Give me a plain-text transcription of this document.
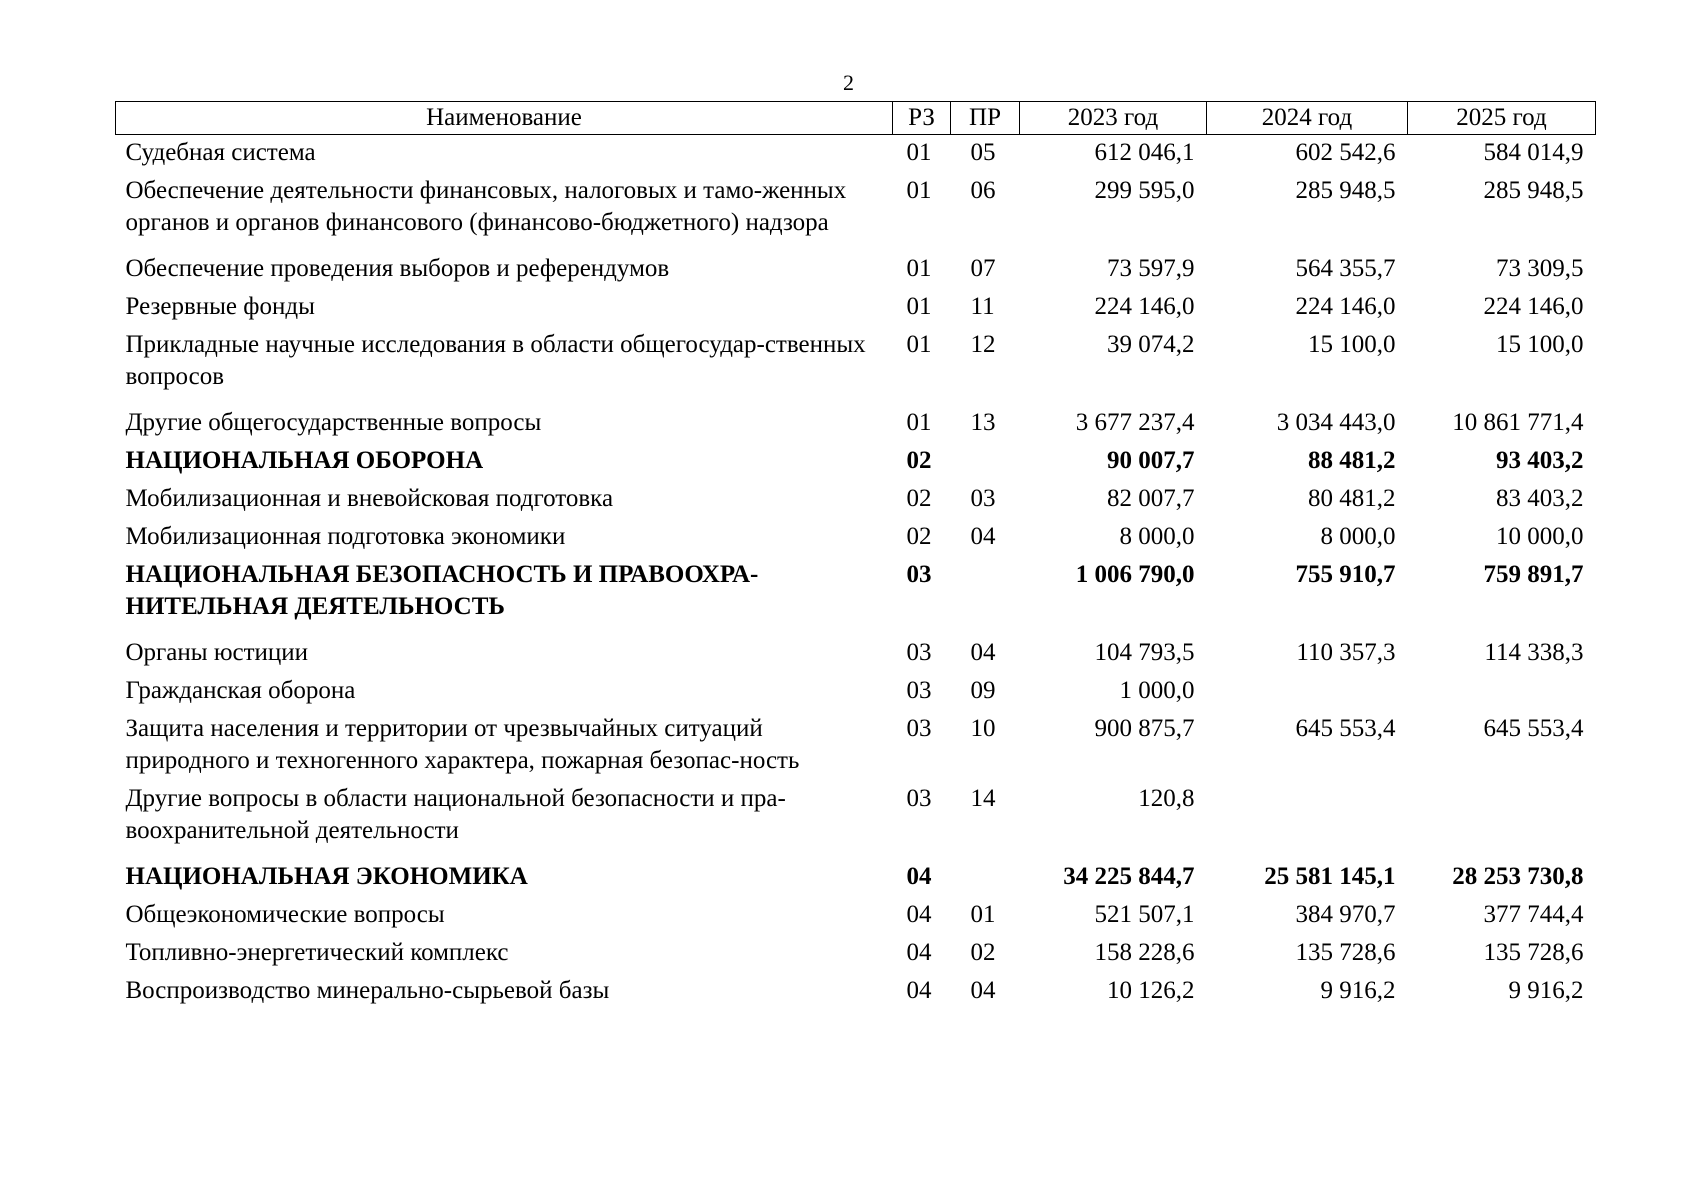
2
Наименование	РЗ	ПР	2023 год	2024 год	2025 год
Судебная система	01	05	612 046,1	602 542,6	584 014,9
Обеспечение деятельности финансовых, налоговых и тамо-женных органов и органов финансового (финансово-бюджетного) надзора	01	06	299 595,0	285 948,5	285 948,5
Обеспечение проведения выборов и референдумов	01	07	73 597,9	564 355,7	73 309,5
Резервные фонды	01	11	224 146,0	224 146,0	224 146,0
Прикладные научные исследования в области общегосудар-ственных вопросов	01	12	39 074,2	15 100,0	15 100,0
Другие общегосударственные вопросы	01	13	3 677 237,4	3 034 443,0	10 861 771,4
НАЦИОНАЛЬНАЯ ОБОРОНА	02		90 007,7	88 481,2	93 403,2
Мобилизационная и вневойсковая подготовка	02	03	82 007,7	80 481,2	83 403,2
Мобилизационная подготовка экономики	02	04	8 000,0	8 000,0	10 000,0
НАЦИОНАЛЬНАЯ БЕЗОПАСНОСТЬ И ПРАВООХРА-НИТЕЛЬНАЯ ДЕЯТЕЛЬНОСТЬ	03		1 006 790,0	755 910,7	759 891,7
Органы юстиции	03	04	104 793,5	110 357,3	114 338,3
Гражданская оборона	03	09	1 000,0		
Защита населения и территории от чрезвычайных ситуаций природного и техногенного характера, пожарная безопас-ность	03	10	900 875,7	645 553,4	645 553,4
Другие вопросы в области национальной безопасности и пра-воохранительной деятельности	03	14	120,8		
НАЦИОНАЛЬНАЯ ЭКОНОМИКА	04		34 225 844,7	25 581 145,1	28 253 730,8
Общеэкономические вопросы	04	01	521 507,1	384 970,7	377 744,4
Топливно-энергетический комплекс	04	02	158 228,6	135 728,6	135 728,6
Воспроизводство минерально-сырьевой базы	04	04	10 126,2	9 916,2	9 916,2
